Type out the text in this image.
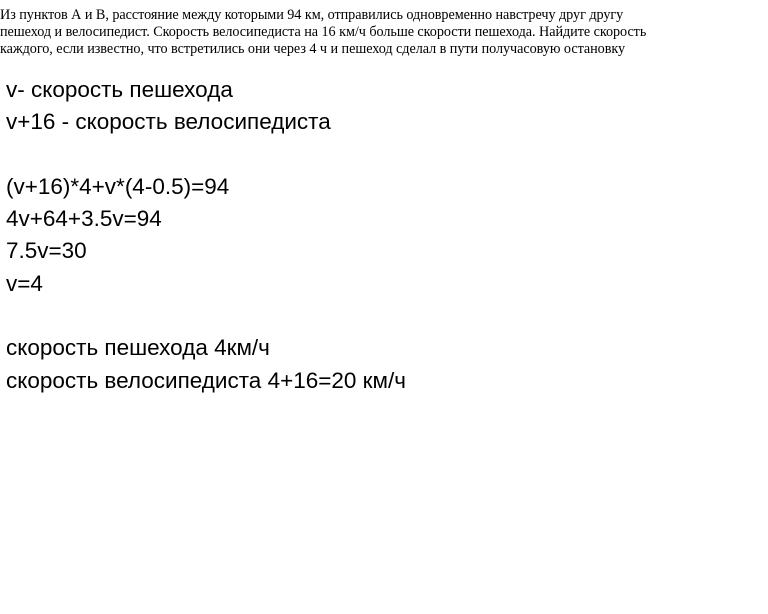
Из пунктов А и В, расстояние между которыми 94 км, отправились одновременно навстречу друг другу
пешеход и велосипедист. Скорость велосипедиста на 16 км/ч больше скорости пешехода. Найдите скорость
каждого, если известно, что встретились они через 4 ч и пешеход сделал в пути получасовую остановку
v- скорость пешехода
v+16 - скорость велосипедиста
(v+16)*4+v*(4-0.5)=94
4v+64+3.5v=94
7.5v=30
v=4
скорость пешехода 4км/ч
скорость велосипедиста 4+16=20 км/ч
